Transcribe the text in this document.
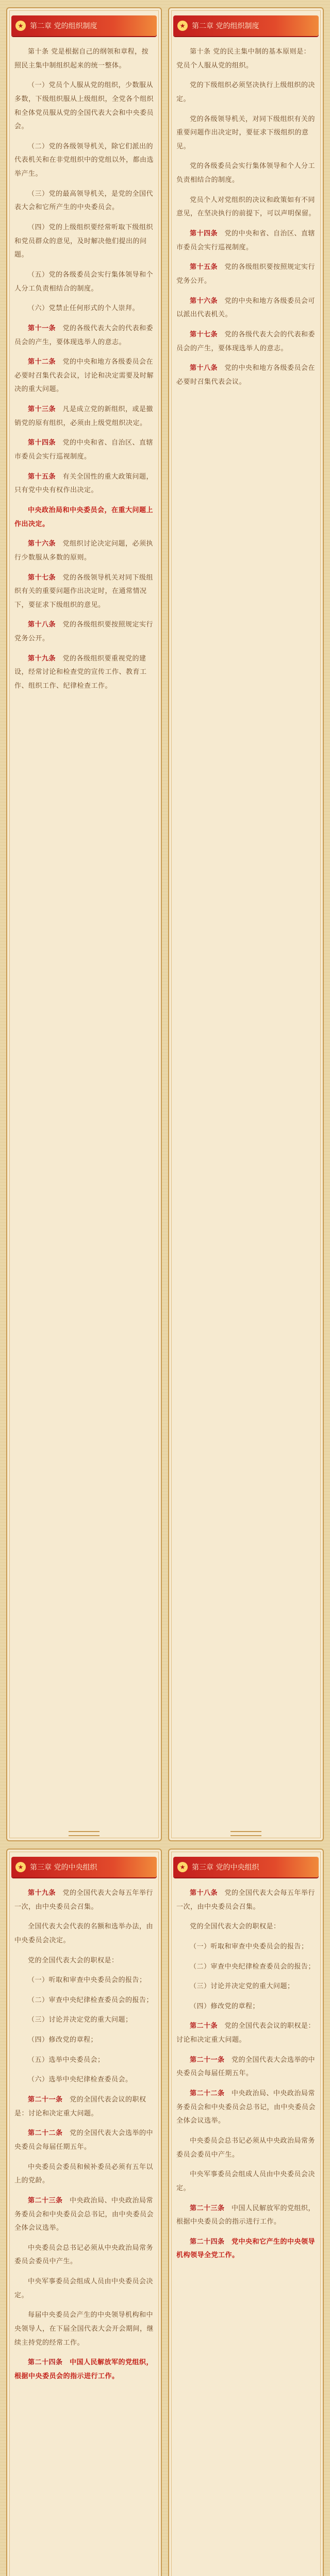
★ 第二章 党的组织制度

第十条 党是根据自己的纲领和章程，按照民主集中制组织起来的统一整体。

（一）党员个人服从党的组织，少数服从多数，下级组织服从上级组织，全党各个组织和全体党员服从党的全国代表大会和中央委员会。

（二）党的各级领导机关，除它们派出的代表机关和在非党组织中的党组以外，都由选举产生。

（三）党的最高领导机关，是党的全国代表大会和它所产生的中央委员会。

（四）党的上级组织要经常听取下级组织和党员群众的意见，及时解决他们提出的问题。

（五）党的各级委员会实行集体领导和个人分工负责相结合的制度。

（六）党禁止任何形式的个人崇拜。

第十一条　 党的各级代表大会的代表和委员会的产生，要体现选举人的意志。

第十二条　 党的中央和地方各级委员会在必要时召集代表会议，讨论和决定需要及时解决的重大问题。

第十三条　 凡是成立党的新组织，或是撤销党的原有组织，必须由上级党组织决定。

第十四条　 党的中央和省、自治区、直辖市委员会实行巡视制度。

第十五条　 有关全国性的重大政策问题，只有党中央有权作出决定。

中央政治局和中央委员会，在重大问题上作出决定。

第十六条　 党组织讨论决定问题，必须执行少数服从多数的原则。

第十七条　 党的各级领导机关对同下级组织有关的重要问题作出决定时，在通常情况下，要征求下级组织的意见。

第十八条　 党的各级组织要按照规定实行党务公开。

第十九条　 党的各级组织要重视党的建设，经常讨论和检查党的宣传工作、教育工作、组织工作、纪律检查工作。

★ 第二章 党的组织制度

第十条 党的民主集中制的基本原则是：党员个人服从党的组织。

党的下级组织必须坚决执行上级组织的决定。

党的各级领导机关，对同下级组织有关的重要问题作出决定时，要征求下级组织的意见。

党的各级委员会实行集体领导和个人分工负责相结合的制度。

党员个人对党组织的决议和政策如有不同意见，在坚决执行的前提下，可以声明保留。

第十四条　 党的中央和省、自治区、直辖市委员会实行巡视制度。

第十五条　 党的各级组织要按照规定实行党务公开。

第十六条　 党的中央和地方各级委员会可以派出代表机关。

第十七条　 党的各级代表大会的代表和委员会的产生，要体现选举人的意志。

第十八条　 党的中央和地方各级委员会在必要时召集代表会议。

★ 第三章 党的中央组织

第十九条　 党的全国代表大会每五年举行一次，由中央委员会召集。

全国代表大会代表的名额和选举办法，由中央委员会决定。

党的全国代表大会的职权是：

（一）听取和审查中央委员会的报告；

（二）审查中央纪律检查委员会的报告；

（三）讨论并决定党的重大问题；

（四）修改党的章程；

（五）选举中央委员会；

（六）选举中央纪律检查委员会。

第二十一条　 党的全国代表会议的职权是：讨论和决定重大问题。

第二十二条　 党的全国代表大会选举的中央委员会每届任期五年。

中央委员会委员和候补委员必须有五年以上的党龄。

第二十三条　 中央政治局、中央政治局常务委员会和中央委员会总书记，由中央委员会全体会议选举。

中央委员会总书记必须从中央政治局常务委员会委员中产生。

中央军事委员会组成人员由中央委员会决定。

每届中央委员会产生的中央领导机构和中央领导人，在下届全国代表大会开会期间，继续主持党的经常工作。

第二十四条　 中国人民解放军的党组织，根据中央委员会的指示进行工作。

★ 第三章 党的中央组织

第十八条　 党的全国代表大会每五年举行一次，由中央委员会召集。

党的全国代表大会的职权是：

（一）听取和审查中央委员会的报告；

（二）审查中央纪律检查委员会的报告；

（三）讨论并决定党的重大问题；

（四）修改党的章程；

第二十条　 党的全国代表会议的职权是：讨论和决定重大问题。

第二十一条　 党的全国代表大会选举的中央委员会每届任期五年。

第二十二条　 中央政治局、中央政治局常务委员会和中央委员会总书记，由中央委员会全体会议选举。

中央委员会总书记必须从中央政治局常务委员会委员中产生。

中央军事委员会组成人员由中央委员会决定。

第二十三条　 中国人民解放军的党组织，根据中央委员会的指示进行工作。

第二十四条　 党中央和它产生的中央领导机构领导全党工作。
